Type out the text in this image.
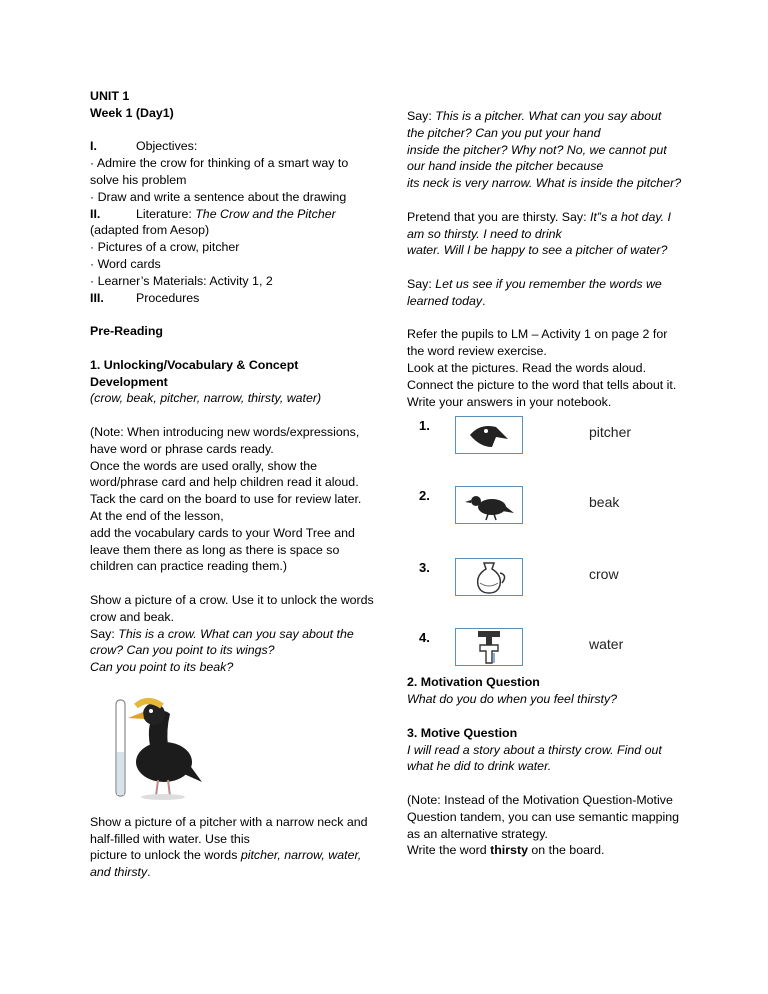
UNIT 1

Week 1 (Day1)

I.	Objectives:

· Admire the crow for thinking of a smart way to solve his problem

· Draw and write a sentence about the drawing

II.	Literature: The Crow and the Pitcher

(adapted from Aesop)

· Pictures of a crow, pitcher

· Word cards

· Learner’s Materials: Activity 1, 2

III.	Procedures

Pre-Reading

1. Unlocking/Vocabulary & Concept Development

(crow, beak, pitcher, narrow, thirsty, water)

(Note: When introducing new words/expressions, have word or phrase cards ready.

Once the words are used orally, show the word/phrase card and help children read it aloud. Tack the card on the board to use for review later. At the end of the lesson,

add the vocabulary cards to your Word Tree and leave them there as long as there is space so children can practice reading them.)

Show a picture of a crow. Use it to unlock the words crow and beak.

Say: This is a crow. What can you say about the crow? Can you point to its wings?

Can you point to its beak?

Show a picture of a pitcher with a narrow neck and half-filled with water. Use this

picture to unlock the words pitcher, narrow, water, and thirsty.

Say: This is a pitcher. What can you say about the pitcher? Can you put your hand

inside the pitcher? Why not? No, we cannot put our hand inside the pitcher because

its neck is very narrow. What is inside the pitcher?

Pretend that you are thirsty. Say: It‟s a hot day. I am so thirsty. I need to drink

water. Will I be happy to see a pitcher of water?

Say: Let us see if you remember the words we learned today.

Refer the pupils to LM – Activity 1 on page 2 for the word review exercise.

Look at the pictures. Read the words aloud.

Connect the picture to the word that tells about it. Write your answers in your notebook.

1.	pitcher
2.	beak
3.	crow
4.	water

2. Motivation Question

What do you do when you feel thirsty?

3. Motive Question

I will read a story about a thirsty crow. Find out what he did to drink water.

(Note: Instead of the Motivation Question-Motive Question tandem, you can use semantic mapping as an alternative strategy.

Write the word thirsty on the board.
